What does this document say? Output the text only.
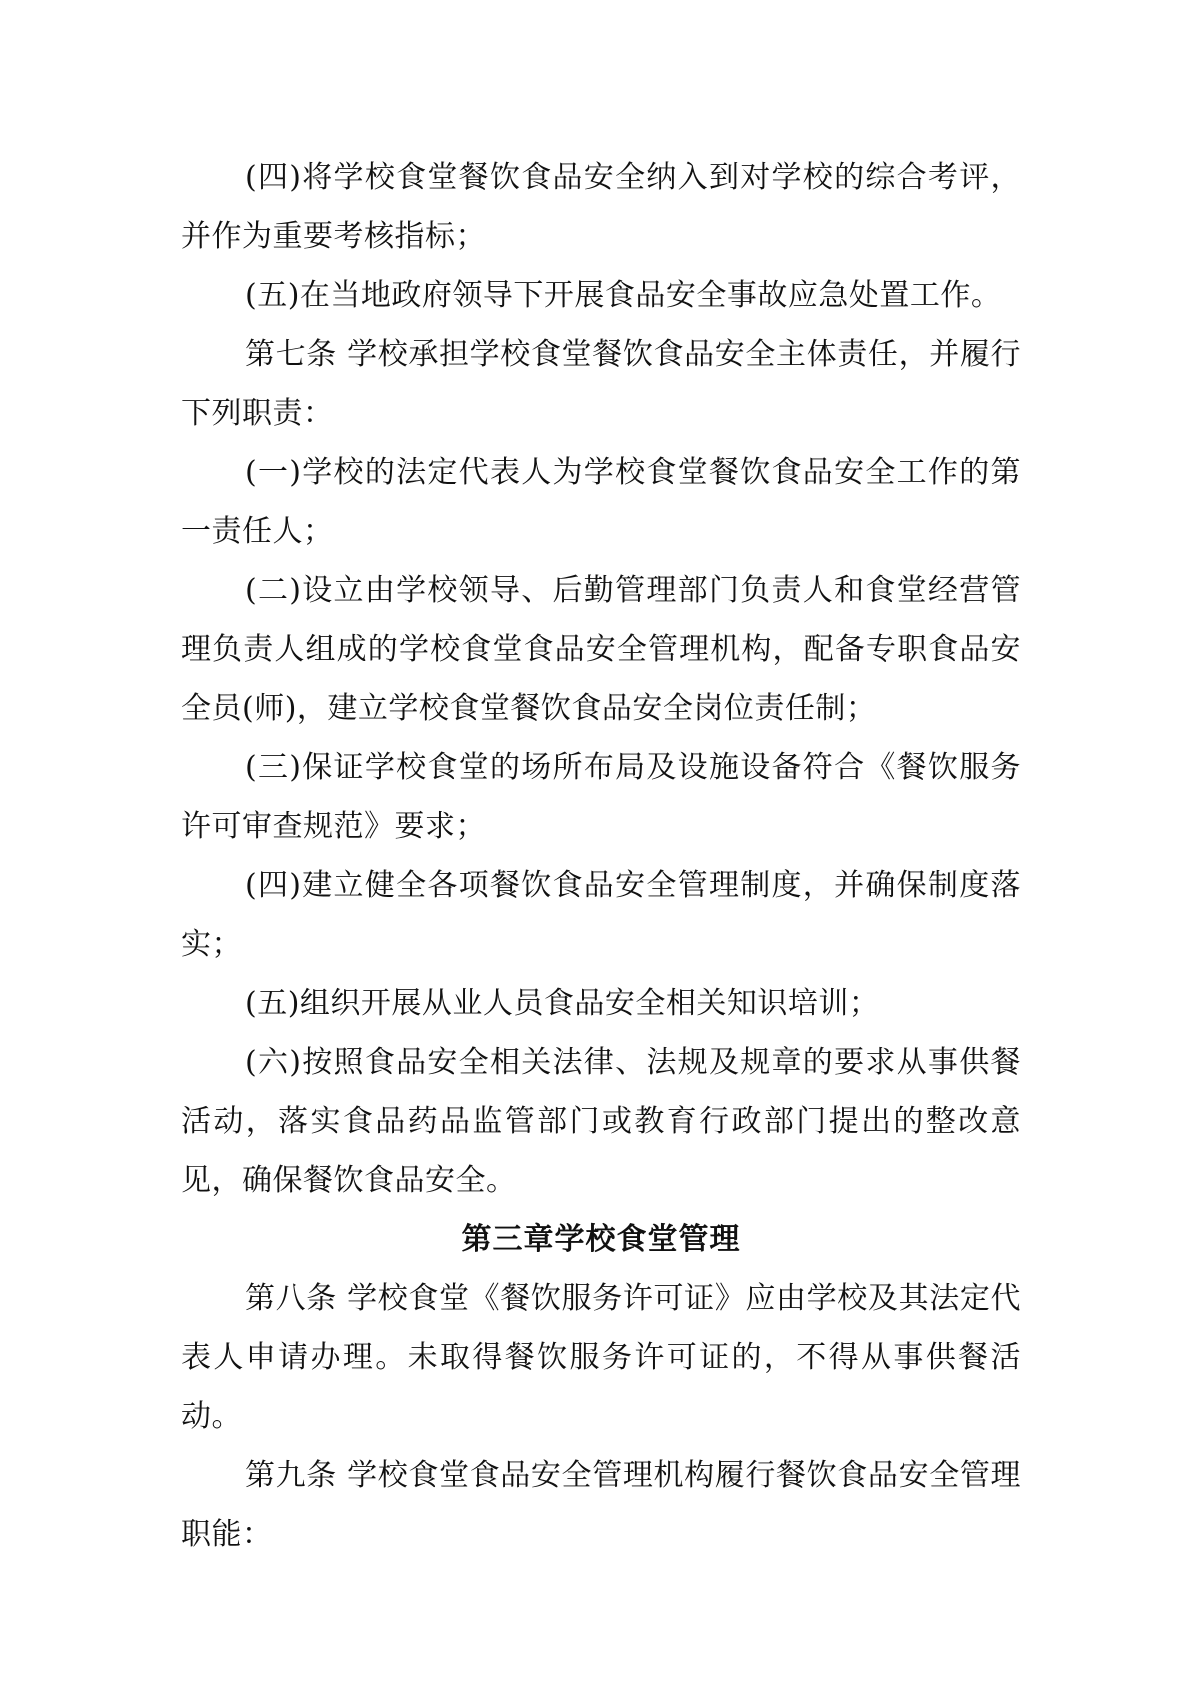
(四)将学校食堂餐饮食品安全纳入到对学校的综合考评，并作为重要考核指标；

(五)在当地政府领导下开展食品安全事故应急处置工作。

第七条 学校承担学校食堂餐饮食品安全主体责任，并履行下列职责：

(一)学校的法定代表人为学校食堂餐饮食品安全工作的第一责任人；

(二)设立由学校领导、后勤管理部门负责人和食堂经营管理负责人组成的学校食堂食品安全管理机构，配备专职食品安全员(师)，建立学校食堂餐饮食品安全岗位责任制；

(三)保证学校食堂的场所布局及设施设备符合《餐饮服务许可审查规范》要求；

(四)建立健全各项餐饮食品安全管理制度，并确保制度落实；

(五)组织开展从业人员食品安全相关知识培训；

(六)按照食品安全相关法律、法规及规章的要求从事供餐活动，落实食品药品监管部门或教育行政部门提出的整改意见，确保餐饮食品安全。

第三章学校食堂管理

第八条 学校食堂《餐饮服务许可证》应由学校及其法定代表人申请办理。未取得餐饮服务许可证的，不得从事供餐活动。

第九条 学校食堂食品安全管理机构履行餐饮食品安全管理职能：
